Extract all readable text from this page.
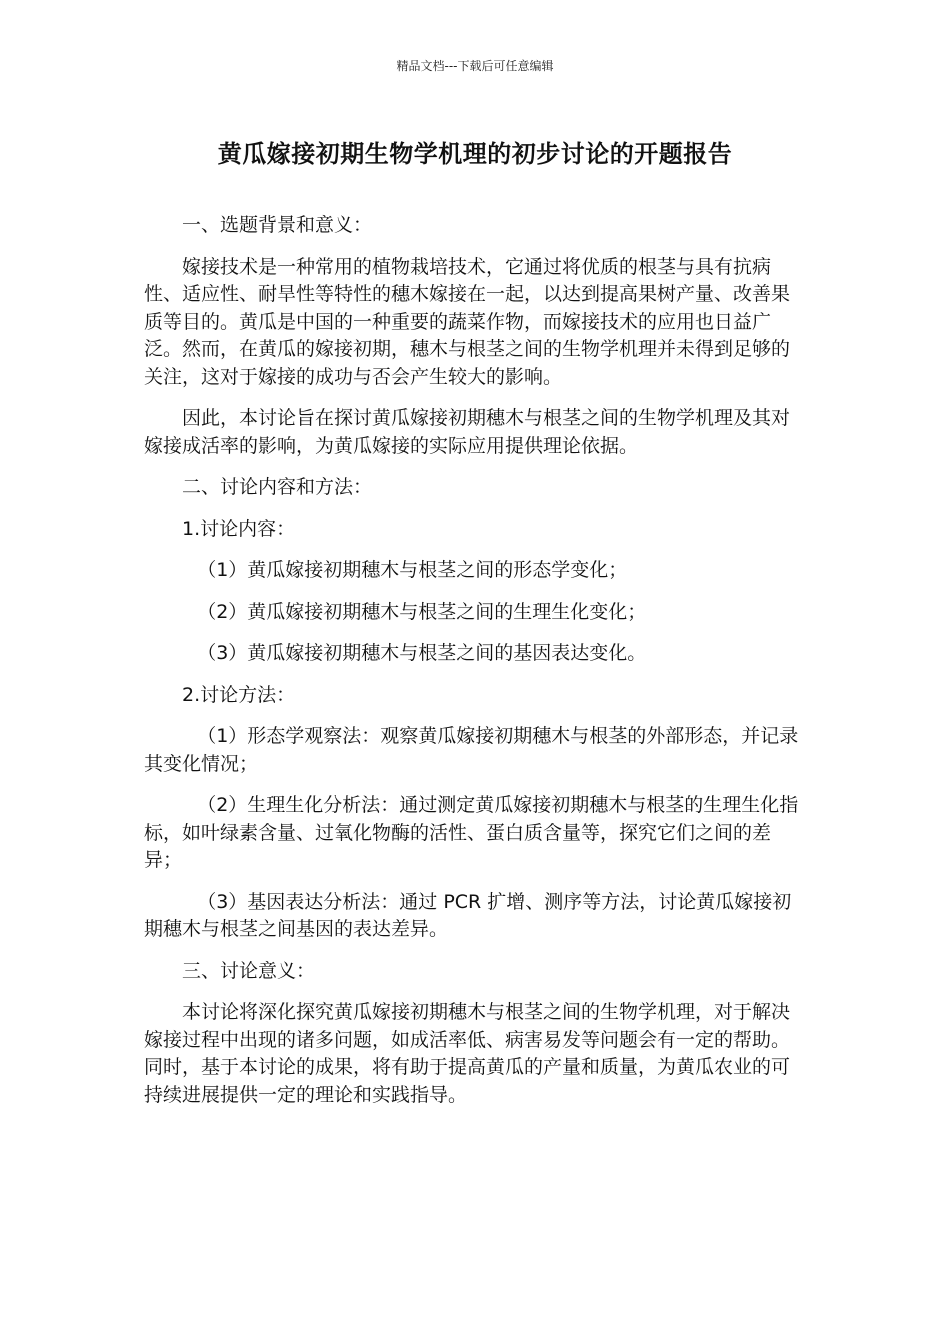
精品文档---下载后可任意编辑
黄瓜嫁接初期生物学机理的初步讨论的开题报告

一、选题背景和意义：

嫁接技术是一种常用的植物栽培技术，它通过将优质的根茎与具有抗病性、适应性、耐旱性等特性的穗木嫁接在一起，以达到提高果树产量、改善果质等目的。黄瓜是中国的一种重要的蔬菜作物，而嫁接技术的应用也日益广泛。然而，在黄瓜的嫁接初期，穗木与根茎之间的生物学机理并未得到足够的关注，这对于嫁接的成功与否会产生较大的影响。

因此，本讨论旨在探讨黄瓜嫁接初期穗木与根茎之间的生物学机理及其对嫁接成活率的影响，为黄瓜嫁接的实际应用提供理论依据。

二、讨论内容和方法：

1.讨论内容：

（1）黄瓜嫁接初期穗木与根茎之间的形态学变化；

（2）黄瓜嫁接初期穗木与根茎之间的生理生化变化；

（3）黄瓜嫁接初期穗木与根茎之间的基因表达变化。

2.讨论方法：

（1）形态学观察法：观察黄瓜嫁接初期穗木与根茎的外部形态，并记录其变化情况；

（2）生理生化分析法：通过测定黄瓜嫁接初期穗木与根茎的生理生化指标，如叶绿素含量、过氧化物酶的活性、蛋白质含量等，探究它们之间的差异；

（3）基因表达分析法：通过 PCR 扩增、测序等方法，讨论黄瓜嫁接初期穗木与根茎之间基因的表达差异。

三、讨论意义：

本讨论将深化探究黄瓜嫁接初期穗木与根茎之间的生物学机理，对于解决嫁接过程中出现的诸多问题，如成活率低、病害易发等问题会有一定的帮助。同时，基于本讨论的成果，将有助于提高黄瓜的产量和质量，为黄瓜农业的可持续进展提供一定的理论和实践指导。
